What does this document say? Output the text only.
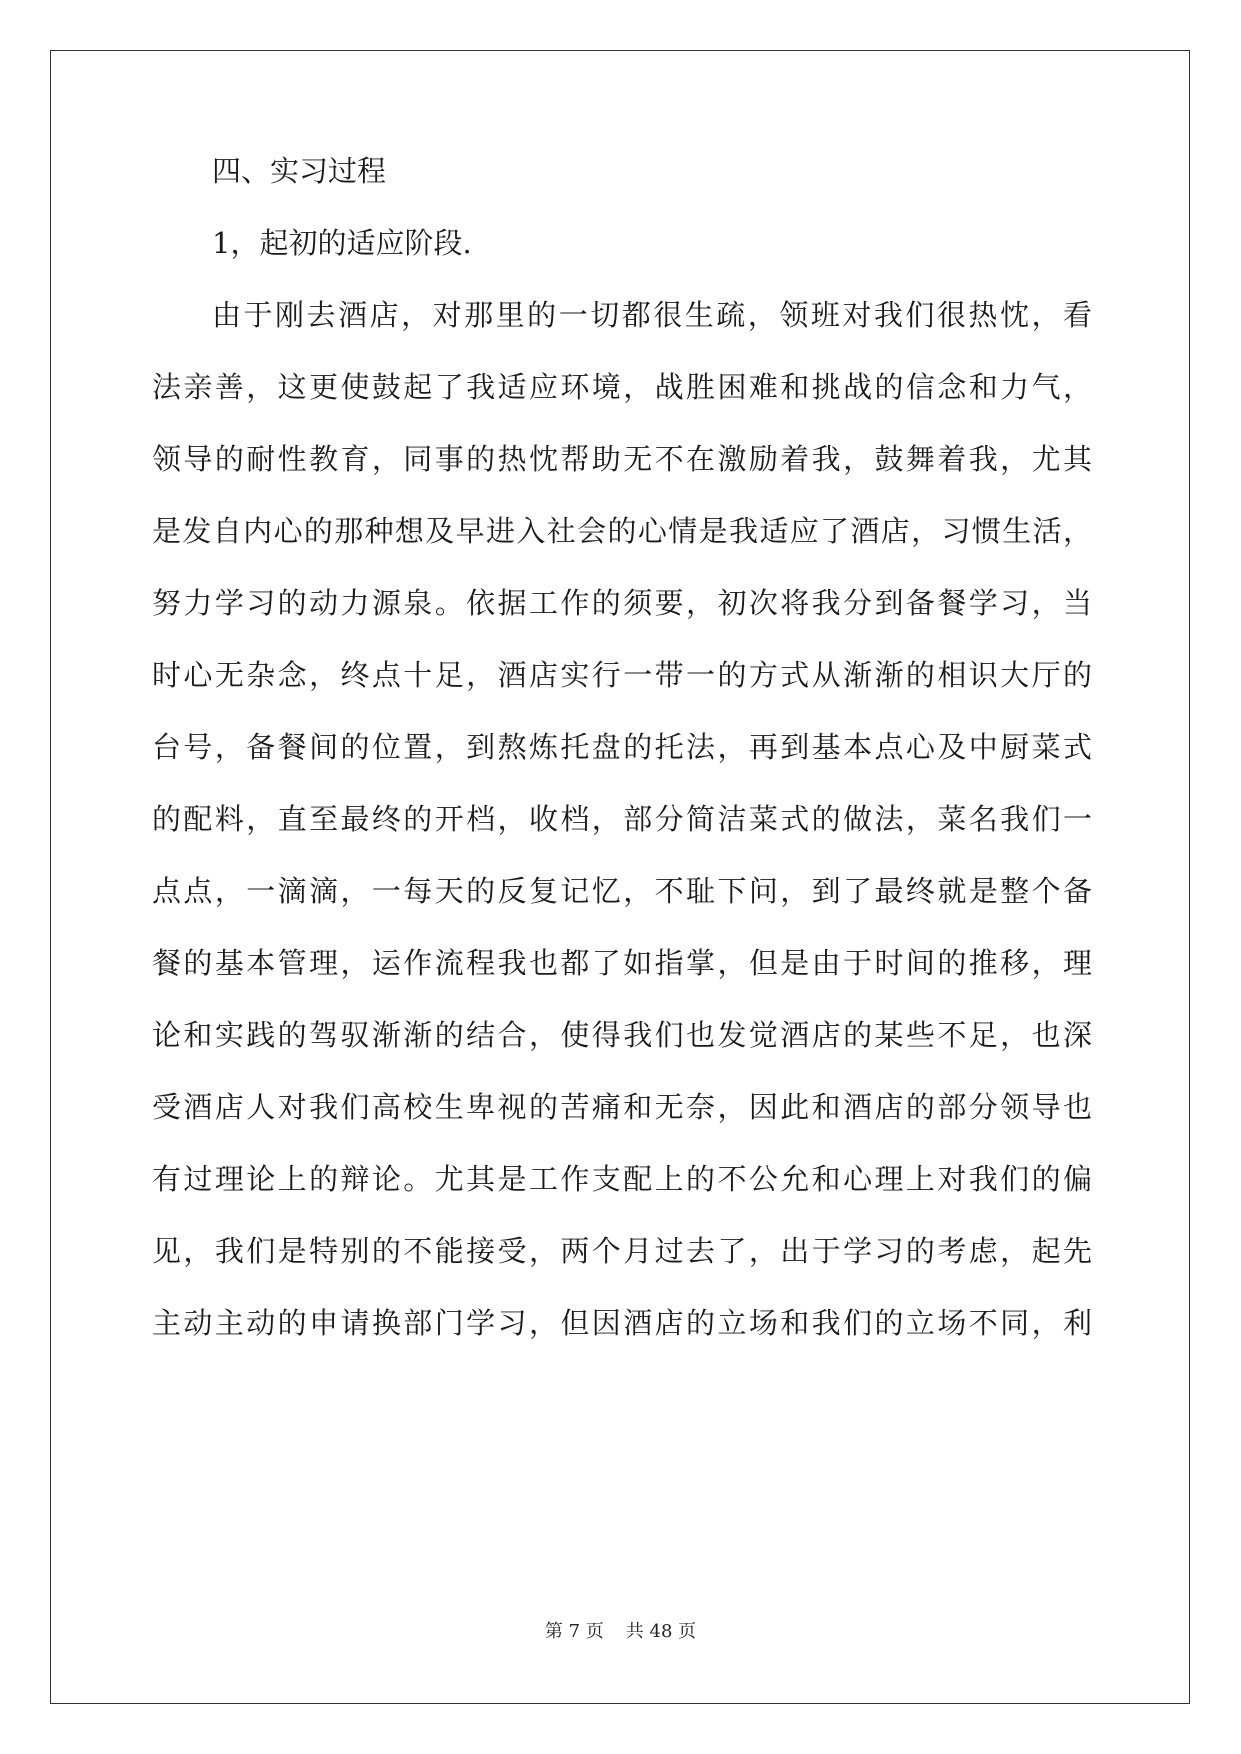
四、实习过程
1，起初的适应阶段.
由于刚去酒店，对那里的一切都很生疏，领班对我们很热忱，看
法亲善，这更使鼓起了我适应环境，战胜困难和挑战的信念和力气，
领导的耐性教育，同事的热忱帮助无不在激励着我，鼓舞着我，尤其
是发自内心的那种想及早进入社会的心情是我适应了酒店，习惯生活，
努力学习的动力源泉。依据工作的须要，初次将我分到备餐学习，当
时心无杂念，终点十足，酒店实行一带一的方式从渐渐的相识大厅的
台号，备餐间的位置，到熬炼托盘的托法，再到基本点心及中厨菜式
的配料，直至最终的开档，收档，部分简洁菜式的做法，菜名我们一
点点，一滴滴，一每天的反复记忆，不耻下问，到了最终就是整个备
餐的基本管理，运作流程我也都了如指掌，但是由于时间的推移，理
论和实践的驾驭渐渐的结合，使得我们也发觉酒店的某些不足，也深
受酒店人对我们高校生卑视的苦痛和无奈，因此和酒店的部分领导也
有过理论上的辩论。尤其是工作支配上的不公允和心理上对我们的偏
见，我们是特别的不能接受，两个月过去了，出于学习的考虑，起先
主动主动的申请换部门学习，但因酒店的立场和我们的立场不同，利
第 7 页 共 48 页
